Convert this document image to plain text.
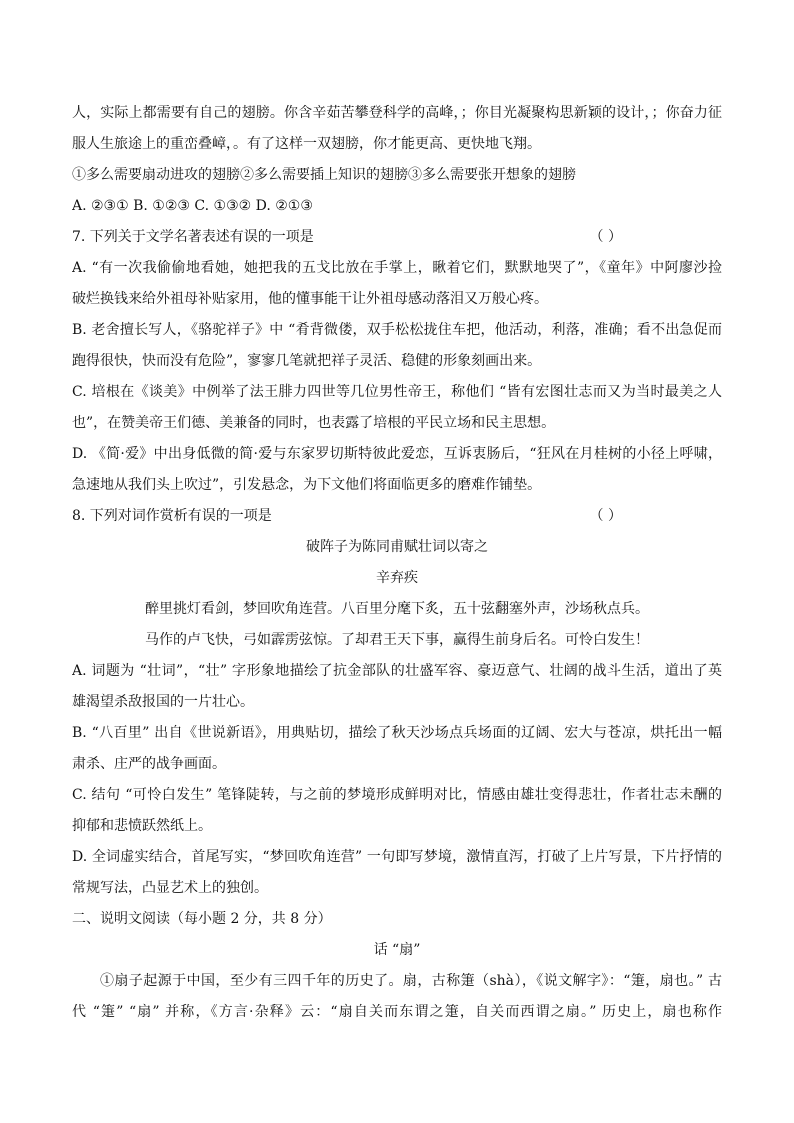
人，实际上都需要有自己的翅膀。你含辛茹苦攀登科学的高峰，；你目光凝聚构思新颖的设计，；你奋力征
服人生旅途上的重峦叠嶂，。有了这样一双翅膀，你才能更高、更快地飞翔。
①多么需要扇动进攻的翅膀②多么需要插上知识的翅膀③多么需要张开想象的翅膀
A. ②③① B. ①②③ C. ①③② D. ②①③
7. 下列关于文学名著表述有误的一项是	（ ）
A. “有一次我偷偷地看她，她把我的五戈比放在手掌上，瞅着它们，默默地哭了”，《童年》中阿廖沙捡
破烂换钱来给外祖母补贴家用，他的懂事能干让外祖母感动落泪又万般心疼。
B. 老舍擅长写人，《骆驼祥子》中 “肴背微偻，双手松松拢住车把，他活动，利落，准确；看不出急促而
跑得很快，快而没有危险”，寥寥几笔就把祥子灵活、稳健的形象刻画出来。
C. 培根在《谈美》中例举了法王腓力四世等几位男性帝王，称他们 “皆有宏图壮志而又为当时最美之人
也”，在赞美帝王们德、美兼备的同时，也表露了培根的平民立场和民主思想。
D. 《简·爱》中出身低微的简·爱与东家罗切斯特彼此爱恋，互诉衷肠后，“狂风在月桂树的小径上呼啸，
急速地从我们头上吹过”，引发悬念，为下文他们将面临更多的磨难作铺垫。
8. 下列对词作赏析有误的一项是	（ ）
破阵子为陈同甫赋壮词以寄之
辛弃疾
醉里挑灯看剑，梦回吹角连营。八百里分麾下炙，五十弦翻塞外声，沙场秋点兵。
马作的卢飞快，弓如霹雳弦惊。了却君王天下事，赢得生前身后名。可怜白发生！
A. 词题为 “壮词”，“壮” 字形象地描绘了抗金部队的壮盛军容、豪迈意气、壮阔的战斗生活，道出了英
雄渴望杀敌报国的一片壮心。
B. “八百里” 出自《世说新语》，用典贴切，描绘了秋天沙场点兵场面的辽阔、宏大与苍凉，烘托出一幅
肃杀、庄严的战争画面。
C. 结句 “可怜白发生” 笔锋陡转，与之前的梦境形成鲜明对比，情感由雄壮变得悲壮，作者壮志未酬的
抑郁和悲愤跃然纸上。
D. 全词虚实结合，首尾写实，“梦回吹角连营” 一句即写梦境，激情直泻，打破了上片写景，下片抒情的
常规写法，凸显艺术上的独创。
二、说明文阅读（每小题 2 分，共 8 分）
话 “扇”
①扇子起源于中国，至少有三四千年的历史了。扇，古称箑（shà），《说文解字》：“箑，扇也。” 古
代 “箑” “扇” 并称，《方言·杂释》云：“扇自关而东谓之箑，自关而西谓之扇。” 历史上，扇也称作
